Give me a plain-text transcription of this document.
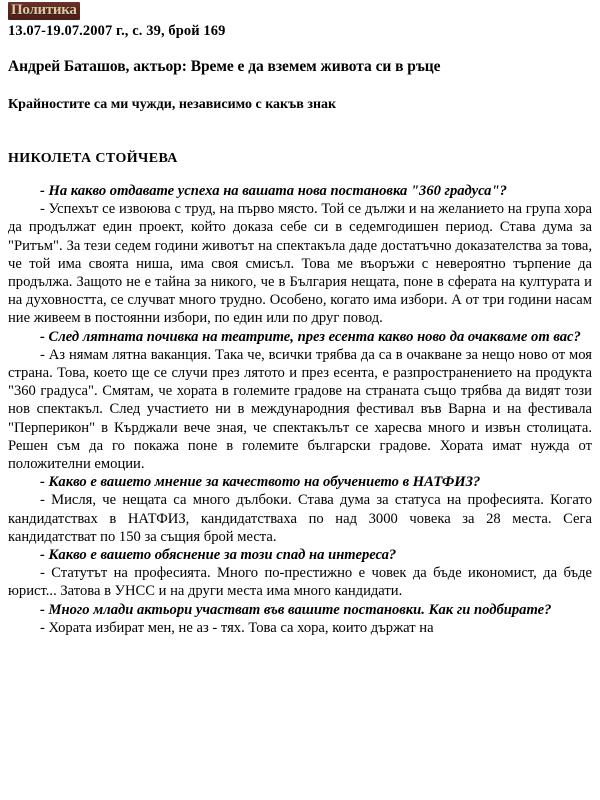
Политика
13.07-19.07.2007 г., с. 39, брой 169
Андрей Баташов, актьор: Време е да вземем живота си в ръце
Крайностите са ми чужди, независимо с какъв знак
НИКОЛЕТА СТОЙЧЕВА

- На какво отдавате успеха на вашата нова постановка "360 градуса"?

- Успехът се извоюва с труд, на първо място. Той се дължи и на желанието на група хора да продължат един проект, който доказа себе си в седемгодишен период. Става дума за "Ритъм". За тези седем години животът на спектакъла даде достатъчно доказателства за това, че той има своята ниша, има своя смисъл. Това ме въоръжи с невероятно търпение да продължа. Защото не е тайна за никого, че в България нещата, поне в сферата на културата и на духовността, се случват много трудно. Особено, когато има избори. А от три години насам ние живеем в постоянни избори, по един или по друг повод.

- След лятната почивка на театрите, през есента какво ново да очакваме от вас?

- Аз нямам лятна ваканция. Така че, всички трябва да са в очакване за нещо ново от моя страна. Това, което ще се случи през лятото и през есента, е разпространението на продукта "360 градуса". Смятам, че хората в големите градове на страната също трябва да видят този нов спектакъл. След участието ни в международния фестивал във Варна и на фестивала "Перперикон" в Кърджали вече зная, че спектакълът се харесва много и извън столицата. Решен съм да го покажа поне в големите български градове. Хората имат нужда от положителни емоции.

- Какво е вашето мнение за качеството на обучението в НАТФИЗ?

- Мисля, че нещата са много дълбоки. Става дума за статуса на професията. Когато кандидатствах в НАТФИЗ, кандидатстваха по над 3000 човека за 28 места. Сега кандидатстват по 150 за същия брой места.

- Какво е вашето обяснение за този спад на интереса?

- Статутът на професията. Много по-престижно е човек да бъде икономист, да бъде юрист... Затова в УНСС и на други места има много кандидати.

- Много млади актьори участват във вашите постановки. Как ги подбирате?

- Хората избират мен, не аз - тях. Това са хора, които държат на
